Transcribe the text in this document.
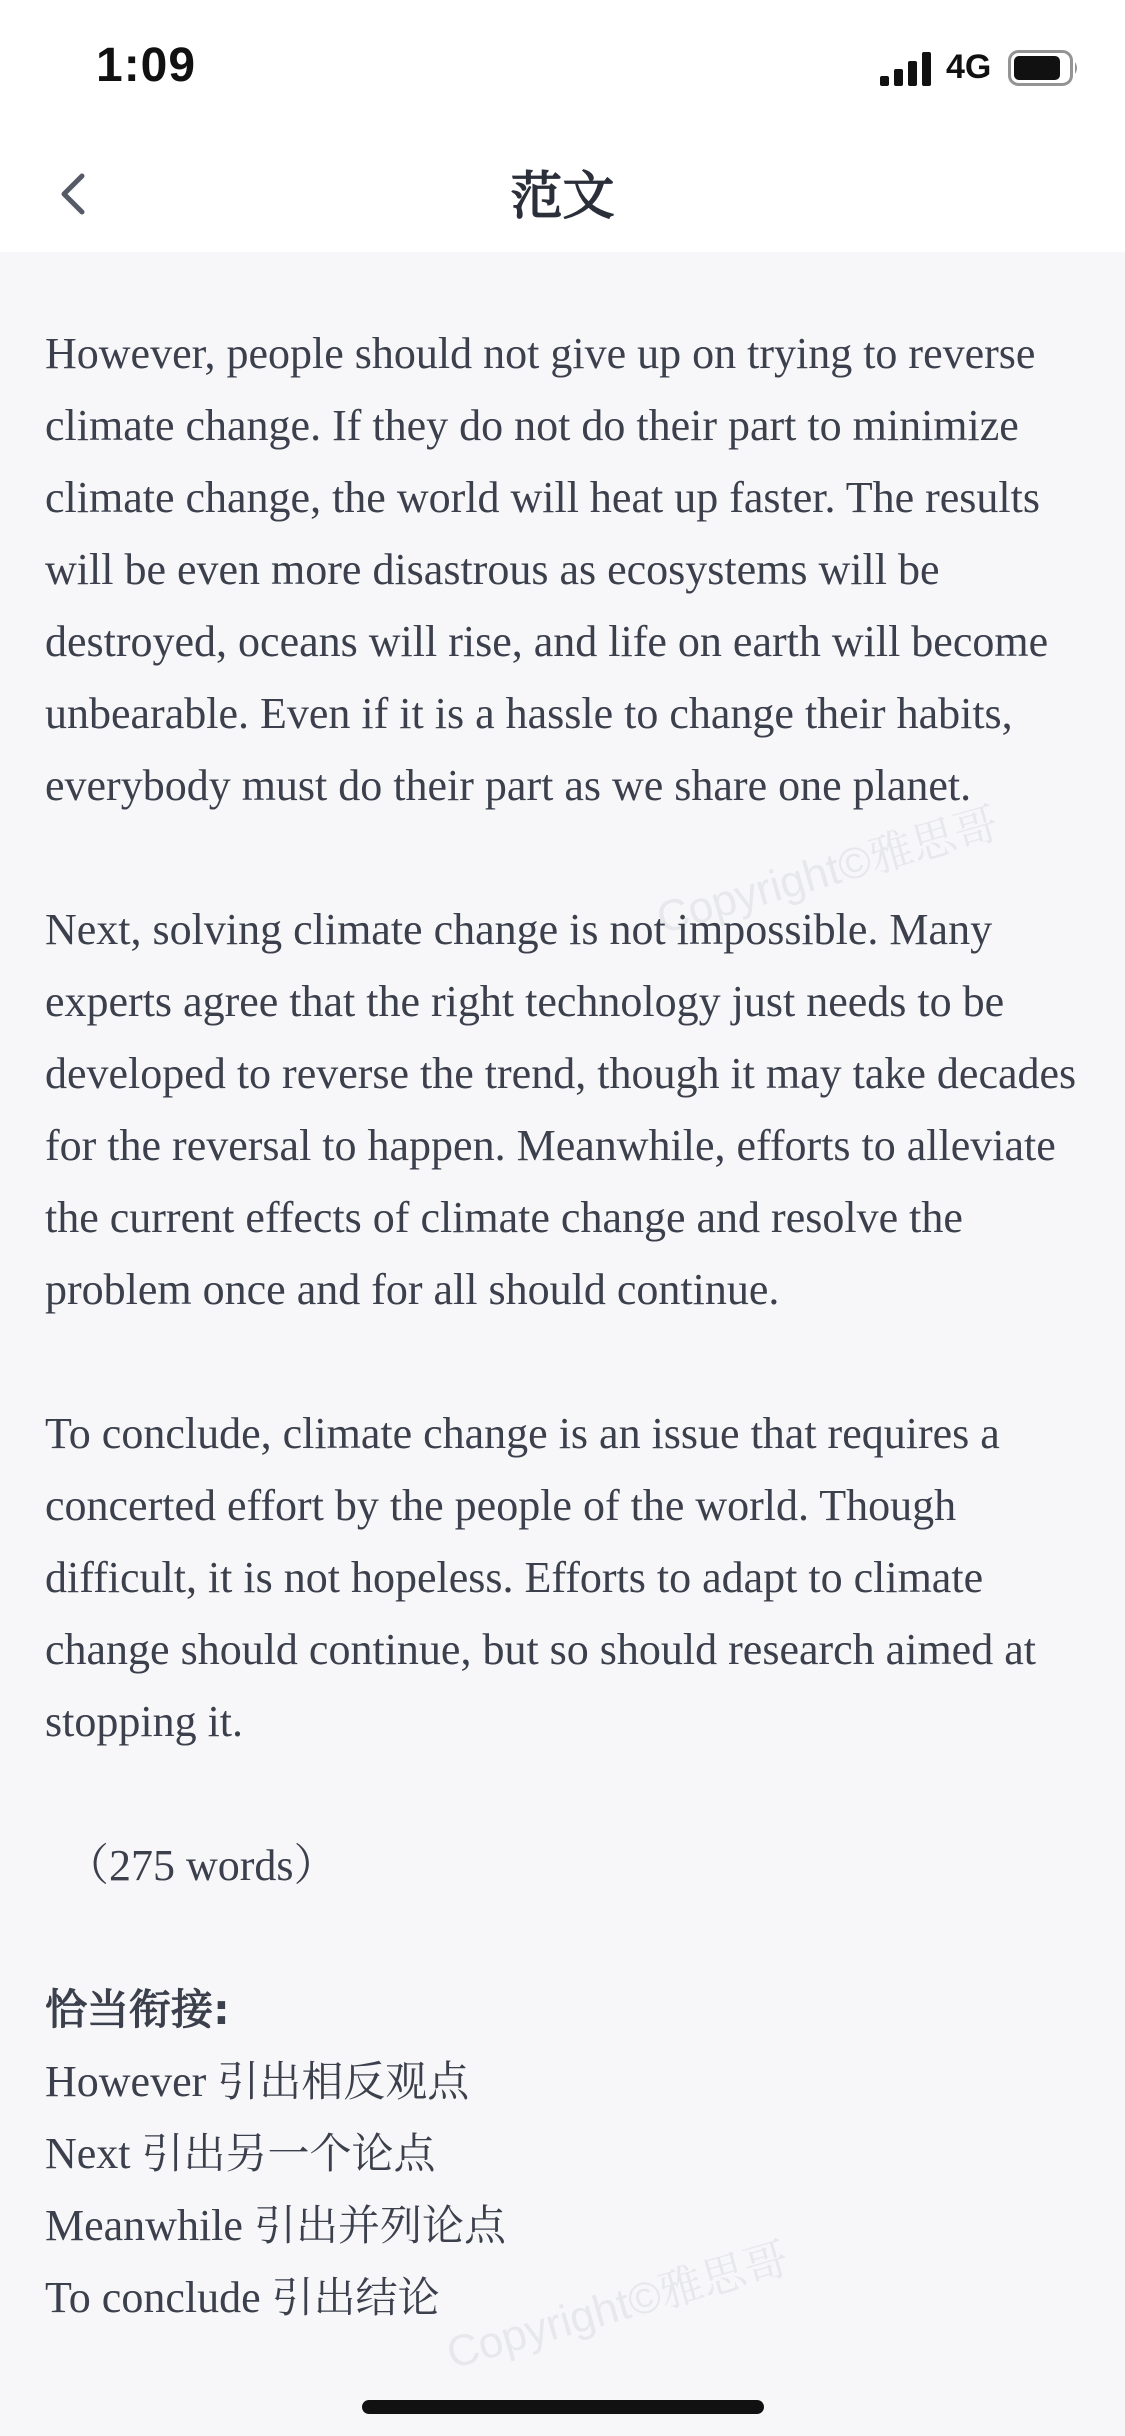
1:09	4G
范文
Copyright©雅思哥
Copyright©雅思哥

However, people should not give up on trying to reverse climate change. If they do not do their part to minimize climate change, the world will heat up faster. The results will be even more disastrous as ecosystems will be destroyed, oceans will rise, and life on earth will become unbearable. Even if it is a hassle to change their habits, everybody must do their part as we share one planet.

Next, solving climate change is not impossible. Many experts agree that the right technology just needs to be developed to reverse the trend, though it may take decades for the reversal to happen. Meanwhile, efforts to alleviate the current effects of climate change and resolve the problem once and for all should continue.

To conclude, climate change is an issue that requires a concerted effort by the people of the world. Though difficult, it is not hopeless. Efforts to adapt to climate change should continue, but so should research aimed at stopping it.

（275 words）

恰当衔接:

However 引出相反观点

Next 引出另一个论点

Meanwhile 引出并列论点

To conclude 引出结论
